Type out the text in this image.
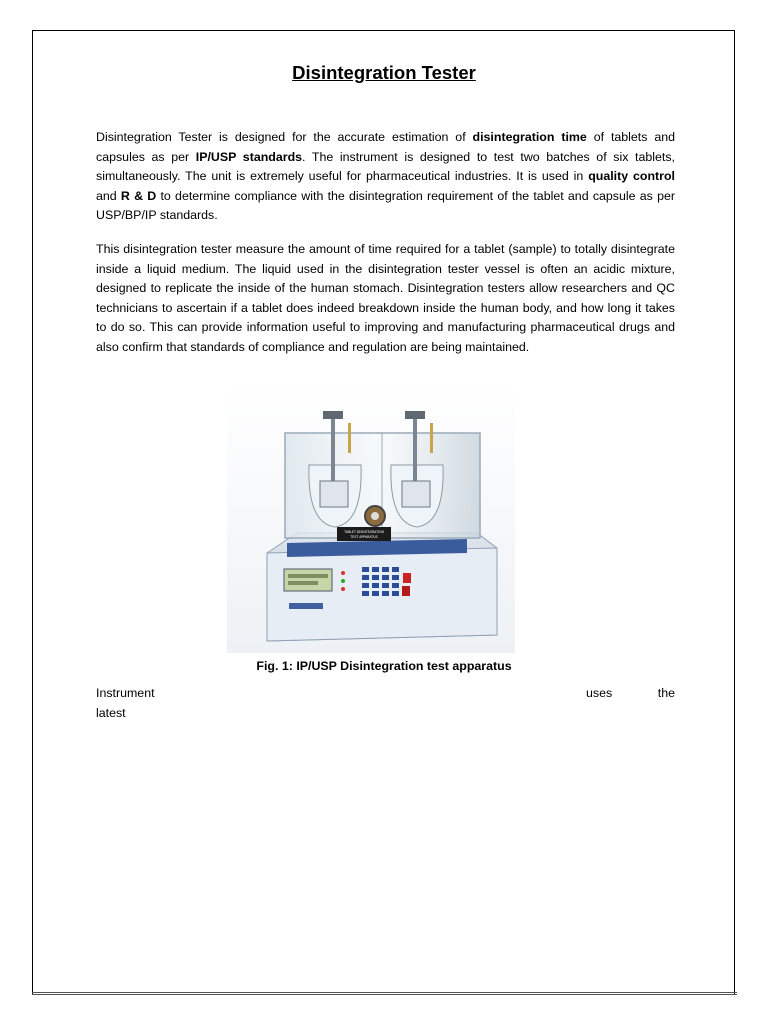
Disintegration Tester
Disintegration Tester is designed for the accurate estimation of disintegration time of tablets and capsules as per IP/USP standards. The instrument is designed to test two batches of six tablets, simultaneously. The unit is extremely useful for pharmaceutical industries. It is used in quality control and R & D to determine compliance with the disintegration requirement of the tablet and capsule as per USP/BP/IP standards.
This disintegration tester measure the amount of time required for a tablet (sample) to totally disintegrate inside a liquid medium. The liquid used in the disintegration tester vessel is often an acidic mixture, designed to replicate the inside of the human stomach. Disintegration testers allow researchers and QC technicians to ascertain if a tablet does indeed breakdown inside the human body, and how long it takes to do so. This can provide information useful to improving and manufacturing pharmaceutical drugs and also confirm that standards of compliance and regulation are being maintained.
TABLET DISINTEGRATION
TEST APPARATUS
Fig. 1: IP/USP Disintegration test apparatus
Instrument	uses	the
latest
